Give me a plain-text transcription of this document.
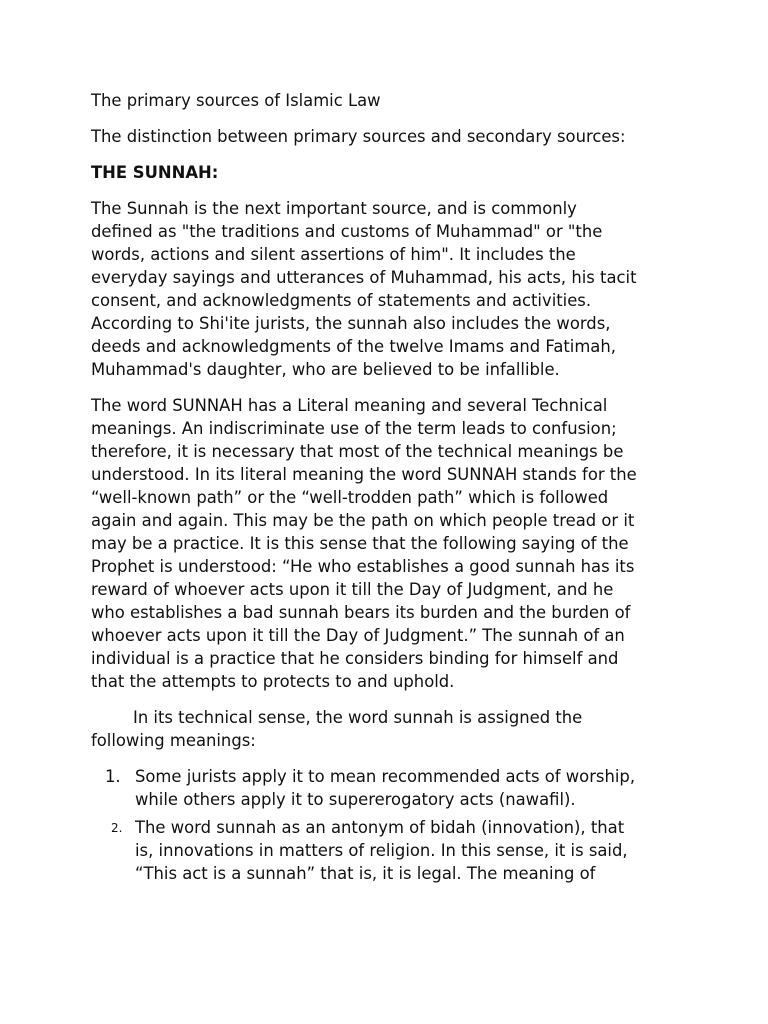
The primary sources of Islamic Law
The distinction between primary sources and secondary sources:
THE SUNNAH:

The Sunnah is the next important source, and is commonly
defined as "the traditions and customs of Muhammad" or "the
words, actions and silent assertions of him". It includes the
everyday sayings and utterances of Muhammad, his acts, his tacit
consent, and acknowledgments of statements and activities.
According to Shi'ite jurists, the sunnah also includes the words,
deeds and acknowledgments of the twelve Imams and Fatimah,
Muhammad's daughter, who are believed to be infallible.

The word SUNNAH has a Literal meaning and several Technical
meanings. An indiscriminate use of the term leads to confusion;
therefore, it is necessary that most of the technical meanings be
understood. In its literal meaning the word SUNNAH stands for the
“well-known path” or the “well-trodden path” which is followed
again and again. This may be the path on which people tread or it
may be a practice. It is this sense that the following saying of the
Prophet is understood: “He who establishes a good sunnah has its
reward of whoever acts upon it till the Day of Judgment, and he
who establishes a bad sunnah bears its burden and the burden of
whoever acts upon it till the Day of Judgment.” The sunnah of an
individual is a practice that he considers binding for himself and
that the attempts to protects to and uphold.

In its technical sense, the word sunnah is assigned the
following meanings:

1. Some jurists apply it to mean recommended acts of worship,
while others apply it to supererogatory acts (nawafil).
2. The word sunnah as an antonym of bidah (innovation), that
is, innovations in matters of religion. In this sense, it is said,
“This act is a sunnah” that is, it is legal. The meaning of
